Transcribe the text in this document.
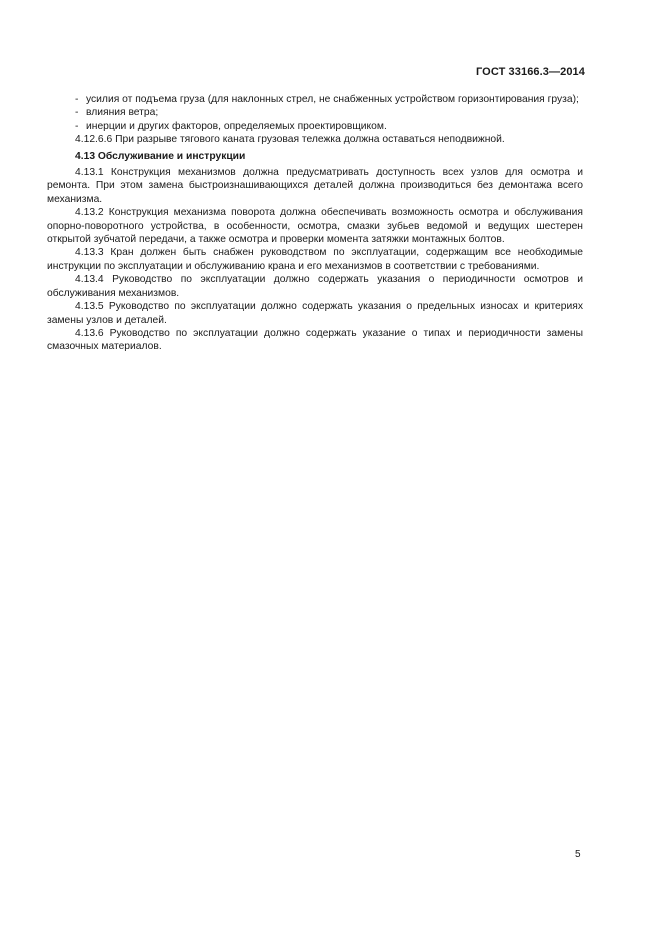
ГОСТ 33166.3—2014

- усилия от подъема груза (для наклонных стрел, не снабженных устройством горизонтирования груза);

- влияния ветра;

- инерции и других факторов, определяемых проектировщиком.

4.12.6.6 При разрыве тягового каната грузовая тележка должна оставаться неподвижной.

4.13 Обслуживание и инструкции

4.13.1 Конструкция механизмов должна предусматривать доступность всех узлов для осмотра и ремонта. При этом замена быстроизнашивающихся деталей должна производиться без демонтажа всего механизма.

4.13.2 Конструкция механизма поворота должна обеспечивать возможность осмотра и обслуживания опорно-поворотного устройства, в особенности, осмотра, смазки зубьев ведомой и ведущих шестерен открытой зубчатой передачи, а также осмотра и проверки момента затяжки монтажных болтов.

4.13.3 Кран должен быть снабжен руководством по эксплуатации, содержащим все необходимые инструкции по эксплуатации и обслуживанию крана и его механизмов в соответствии с требованиями.

4.13.4 Руководство по эксплуатации должно содержать указания о периодичности осмотров и обслуживания механизмов.

4.13.5 Руководство по эксплуатации должно содержать указания о предельных износах и критериях замены узлов и деталей.

4.13.6 Руководство по эксплуатации должно содержать указание о типах и периодичности замены смазочных материалов.

5
